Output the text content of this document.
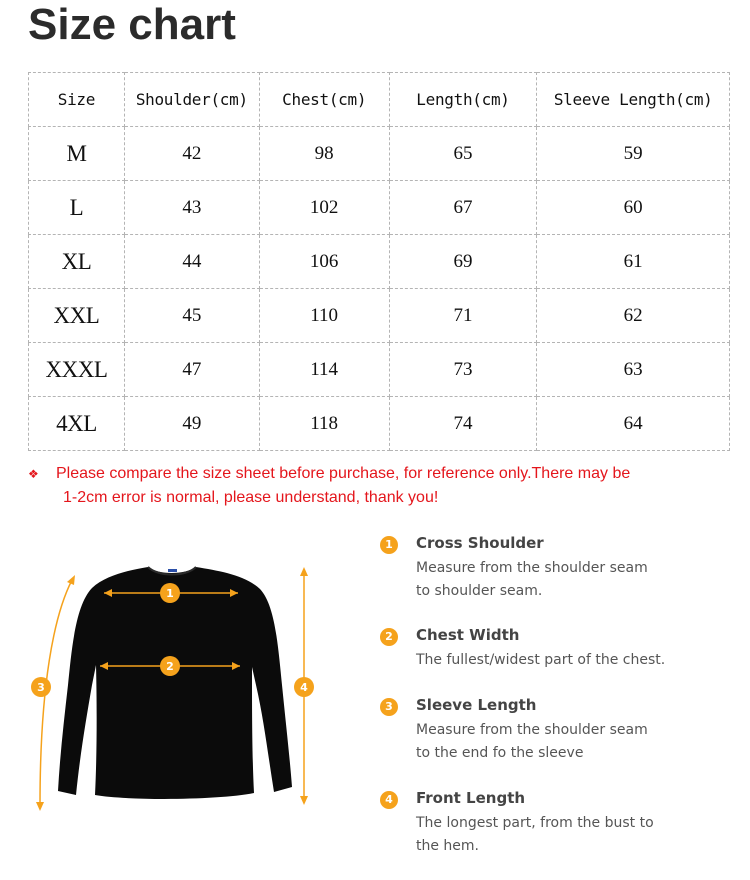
Size chart
Size	Shoulder(cm)	Chest(cm)	Length(cm)	Sleeve Length(cm)
M	42	98	65	59
L	43	102	67	60
XL	44	106	69	61
XXL	45	110	71	62
XXXL	47	114	73	63
4XL	49	118	74	64
❖ Please compare the size sheet before purchase, for reference only.There may be
1-2cm error is normal, please understand, thank you!
1
2
3	4
1	Cross Shoulder
Measure from the shoulder seam
to shoulder seam.
2	Chest Width
The fullest/widest part of the chest.
3	Sleeve Length
Measure from the shoulder seam
to the end fo the sleeve
4	Front Length
The longest part, from the bust to
the hem.
